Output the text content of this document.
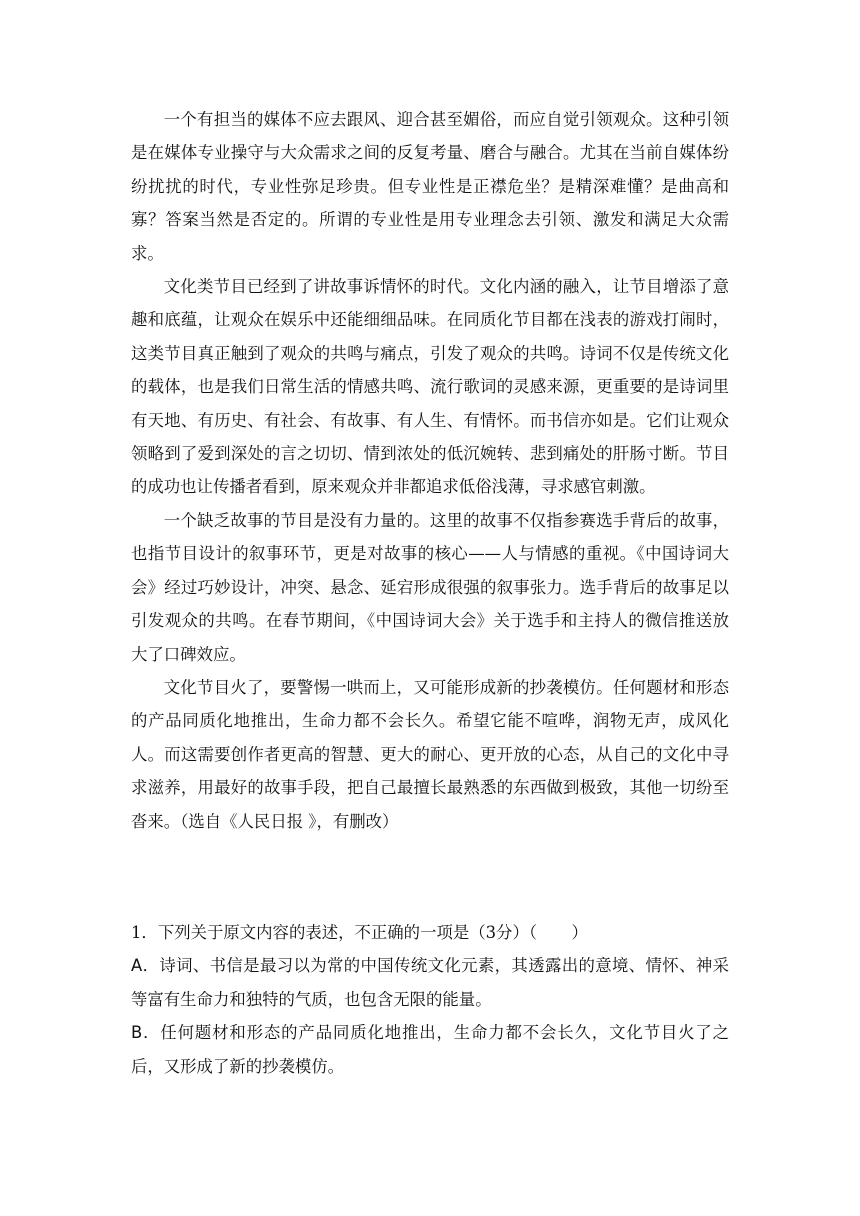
一个有担当的媒体不应去跟风、迎合甚至媚俗，而应自觉引领观众。这种引领是在媒体专业操守与大众需求之间的反复考量、磨合与融合。尤其在当前自媒体纷纷扰扰的时代，专业性弥足珍贵。但专业性是正襟危坐？是精深难懂？是曲高和寡？答案当然是否定的。所谓的专业性是用专业理念去引领、激发和满足大众需求。

文化类节目已经到了讲故事诉情怀的时代。文化内涵的融入，让节目增添了意趣和底蕴，让观众在娱乐中还能细细品味。在同质化节目都在浅表的游戏打闹时，这类节目真正触到了观众的共鸣与痛点，引发了观众的共鸣。诗词不仅是传统文化的载体，也是我们日常生活的情感共鸣、流行歌词的灵感来源，更重要的是诗词里有天地、有历史、有社会、有故事、有人生、有情怀。而书信亦如是。它们让观众领略到了爱到深处的言之切切、情到浓处的低沉婉转、悲到痛处的肝肠寸断。节目的成功也让传播者看到，原来观众并非都追求低俗浅薄，寻求感官刺激。

一个缺乏故事的节目是没有力量的。这里的故事不仅指参赛选手背后的故事，也指节目设计的叙事环节，更是对故事的核心——人与情感的重视。《中国诗词大会》经过巧妙设计，冲突、悬念、延宕形成很强的叙事张力。选手背后的故事足以引发观众的共鸣。在春节期间，《中国诗词大会》关于选手和主持人的微信推送放大了口碑效应。

文化节目火了，要警惕一哄而上，又可能形成新的抄袭模仿。任何题材和形态的产品同质化地推出，生命力都不会长久。希望它能不喧哗，润物无声，成风化人。而这需要创作者更高的智慧、更大的耐心、更开放的心态，从自己的文化中寻求滋养，用最好的故事手段，把自己最擅长最熟悉的东西做到极致，其他一切纷至沓来。（选自《人民日报 》，有删改）

1．下列关于原文内容的表述，不正确的一项是（3分）（ ）

A．诗词、书信是最习以为常的中国传统文化元素，其透露出的意境、情怀、神采等富有生命力和独特的气质，也包含无限的能量。

B．任何题材和形态的产品同质化地推出，生命力都不会长久，文化节目火了之后，又形成了新的抄袭模仿。
